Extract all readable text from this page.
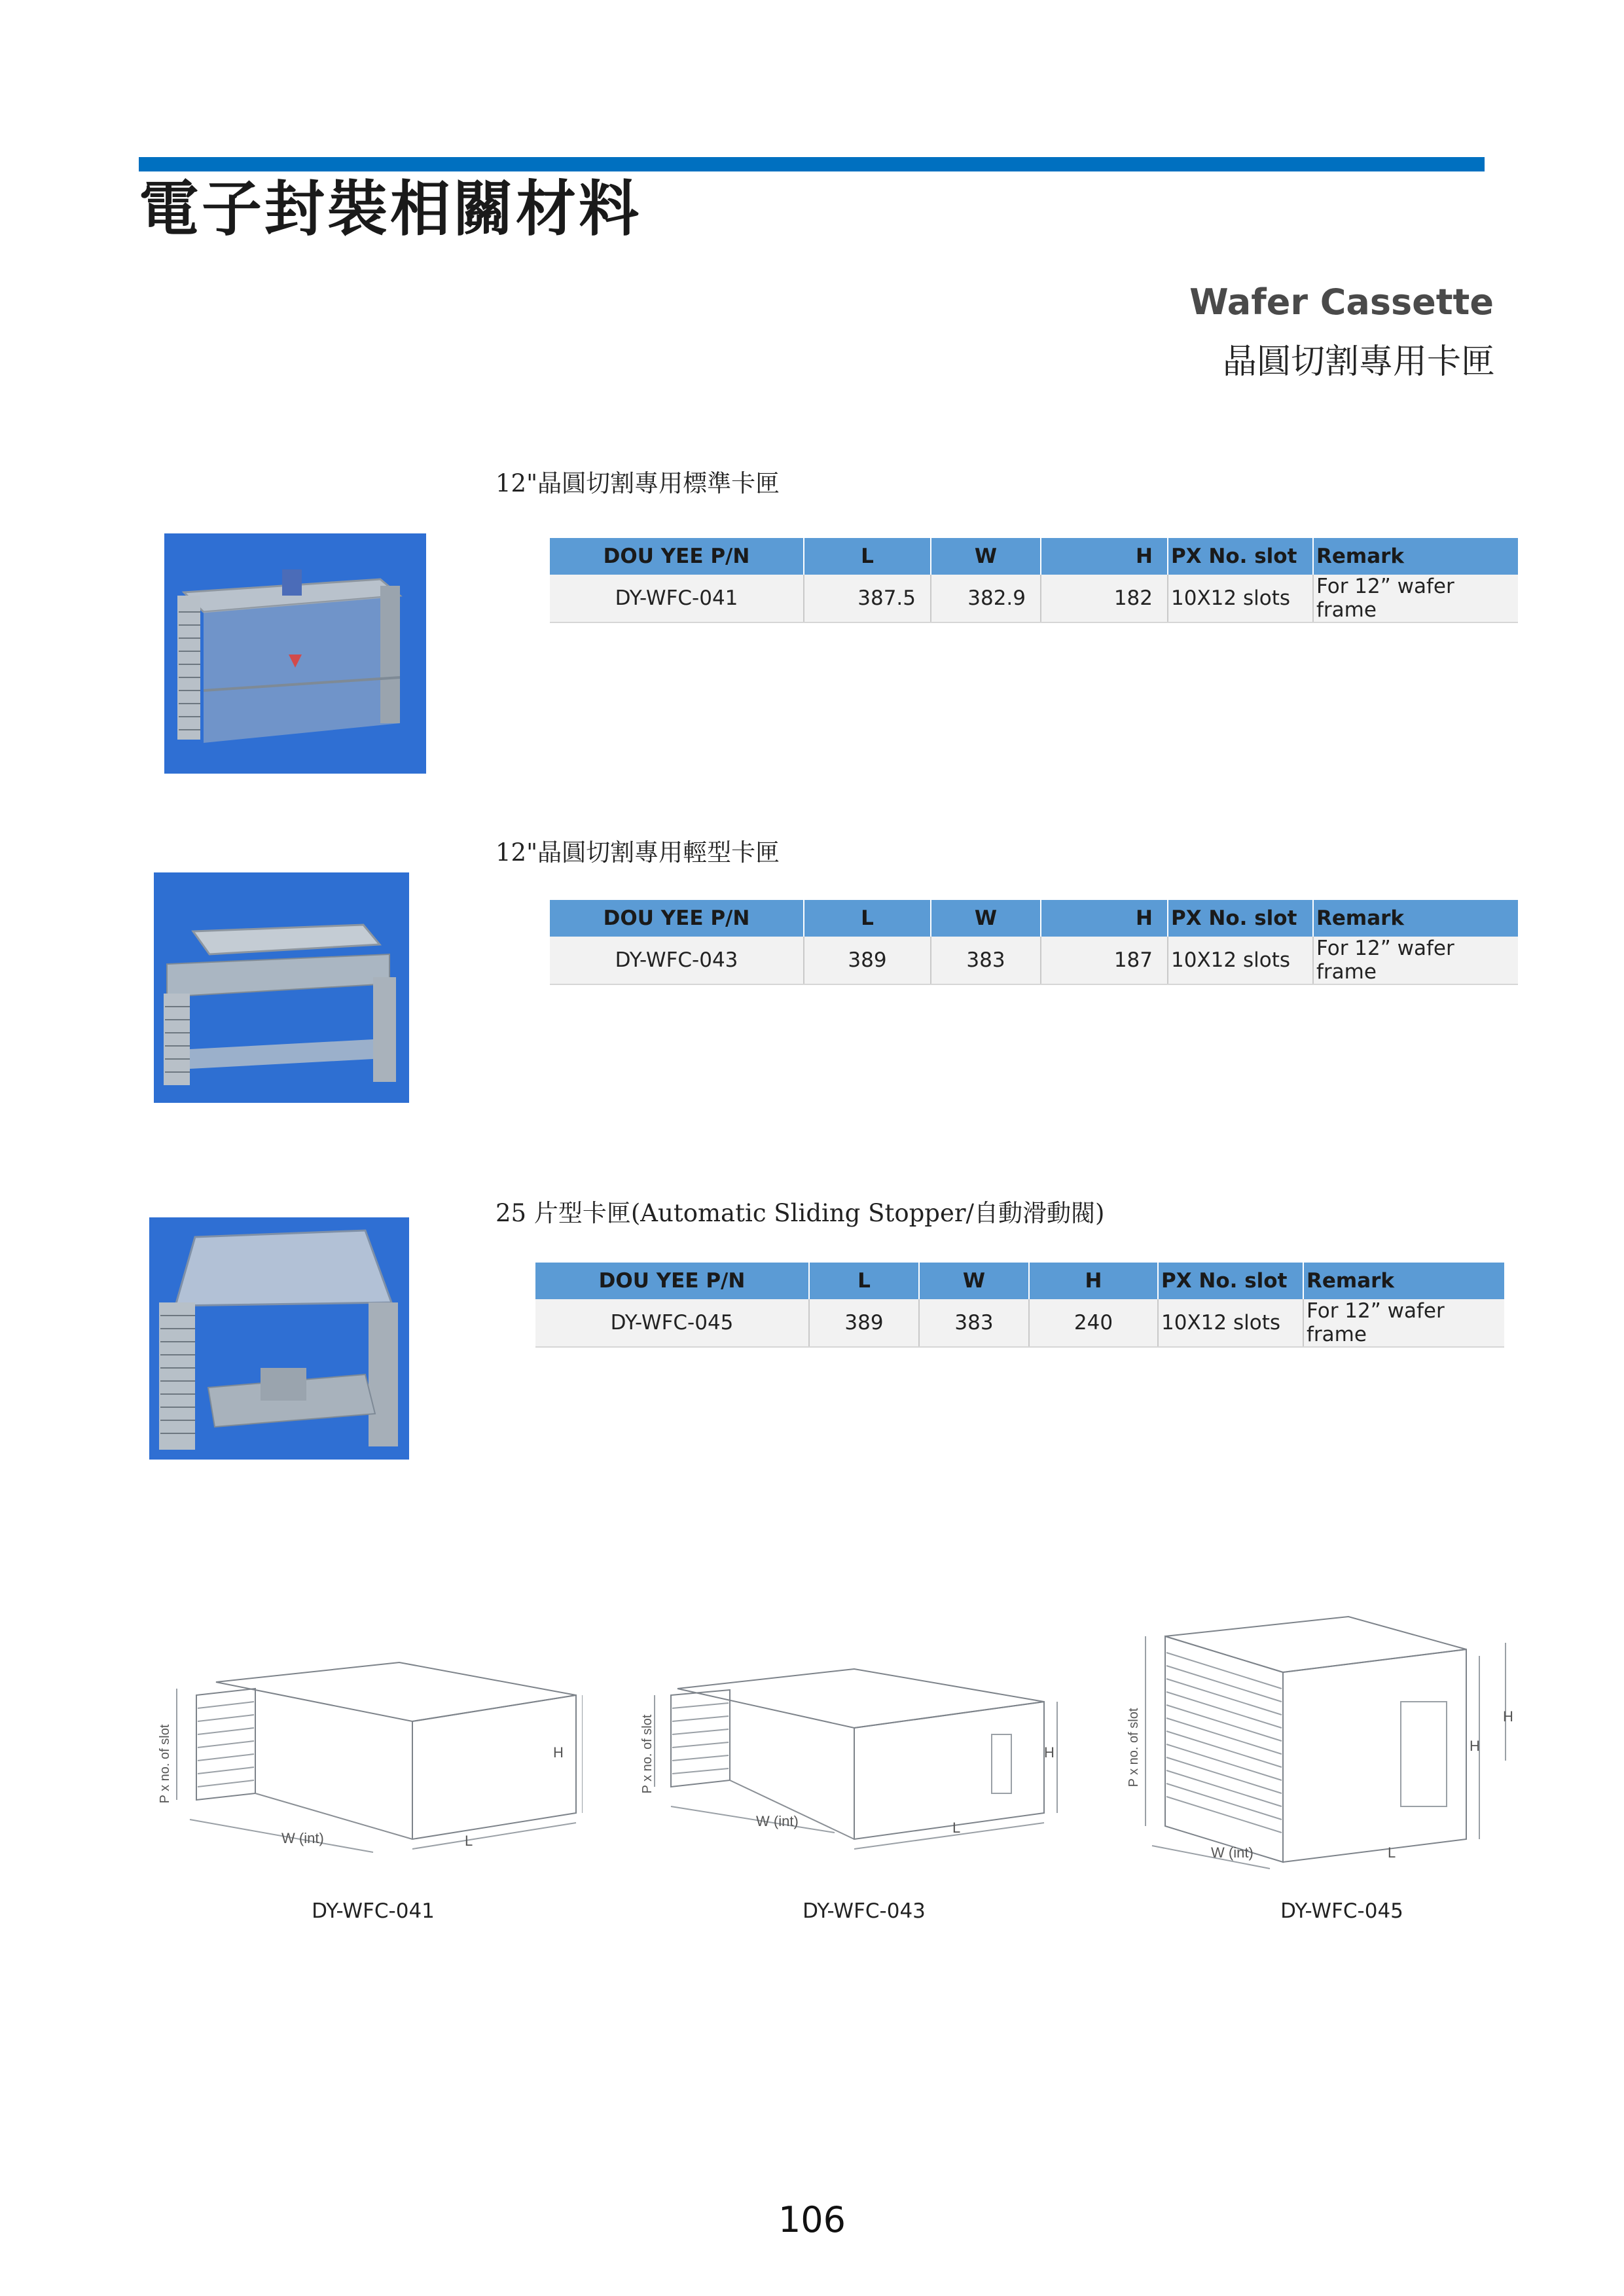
電子封裝相關材料
Wafer Cassette
晶圓切割專用卡匣
12"晶圓切割專用標準卡匣
DOU YEE P/N	L	W	H	PX No. slot	Remark
DY-WFC-041	387.5	382.9	182	10X12 slots	For 12” wafer frame
12"晶圓切割專用輕型卡匣
DOU YEE P/N	L	W	H	PX No. slot	Remark
DY-WFC-043	389	383	187	10X12 slots	For 12” wafer frame
25 片型卡匣(Automatic Sliding Stopper/自動滑動閥)
DOU YEE P/N	L	W	H	PX No. slot	Remark
DY-WFC-045	389	383	240	10X12 slots	For 12” wafer frame
P x no. of slot
W (int)	L
H
DY-WFC-041
P x no. of slot
W (int)	L
H
DY-WFC-043
P x no. of slot
W (int)	L
H
H
DY-WFC-045
106
